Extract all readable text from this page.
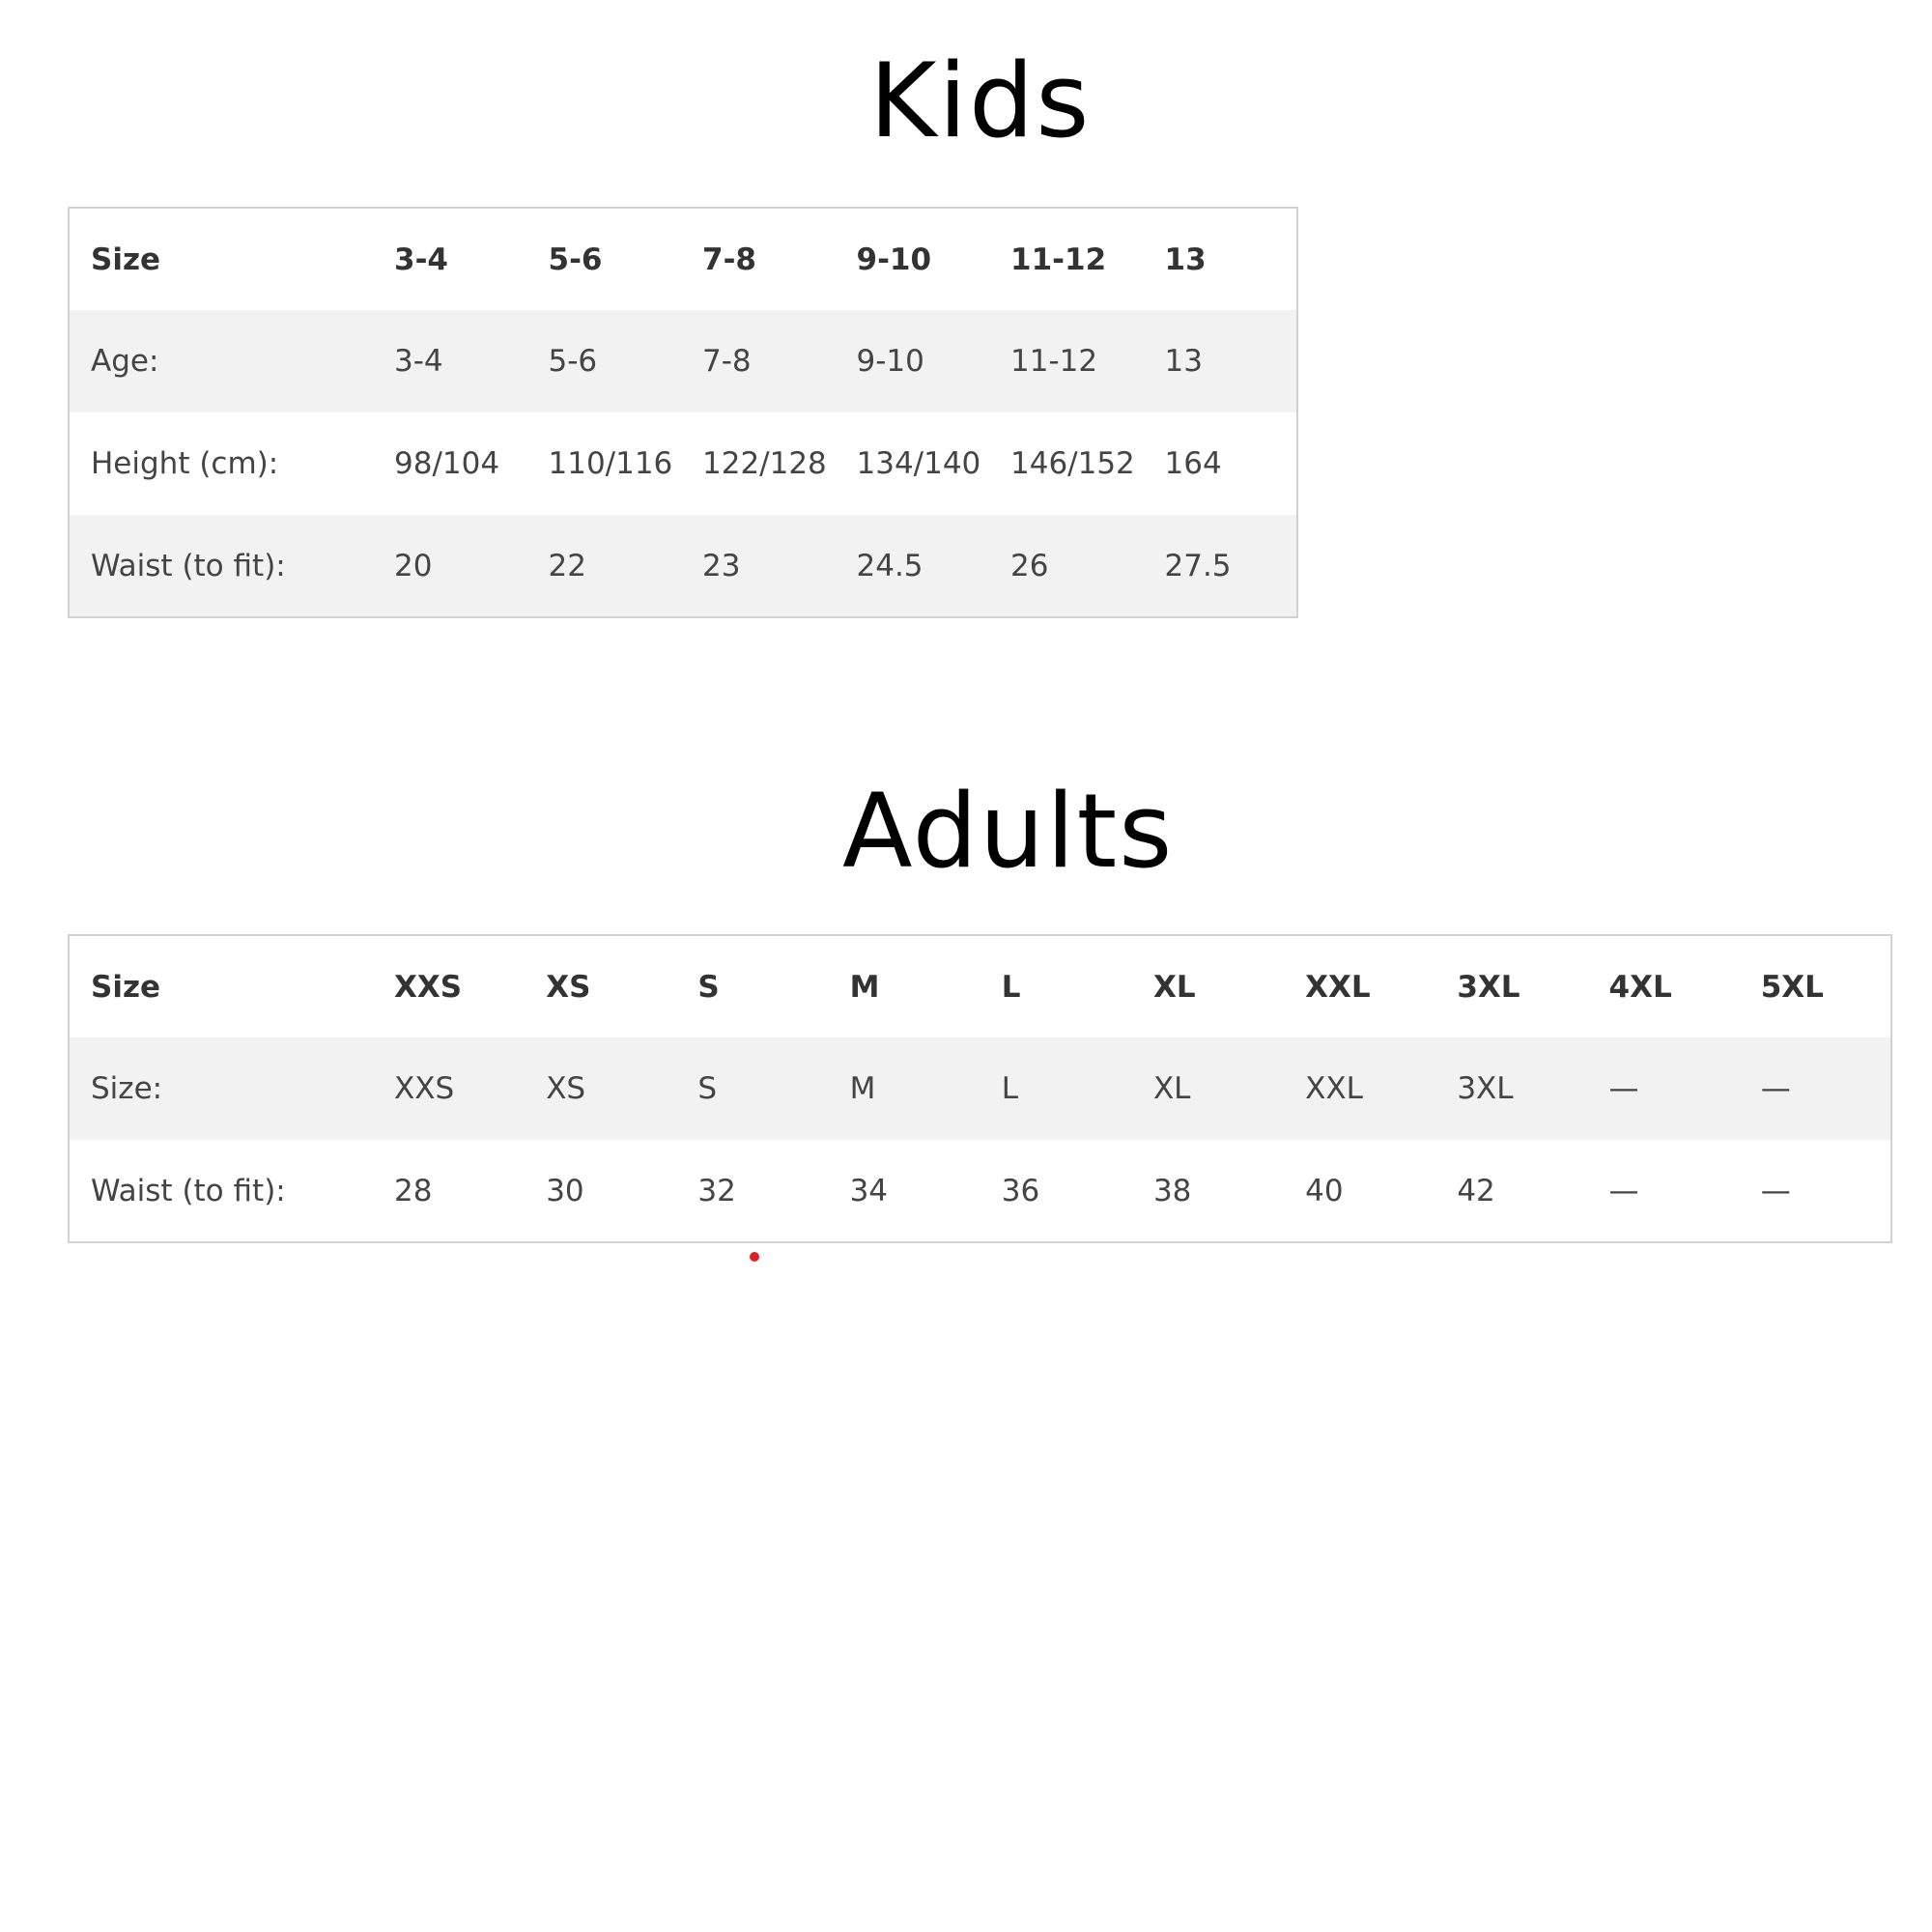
Kids
Size	3-4	5-6	7-8	9-10	11-12	13
Age:	3-4	5-6	7-8	9-10	11-12	13
Height (cm):	98/104	110/116	122/128	134/140	146/152	164
Waist (to fit):	20	22	23	24.5	26	27.5
Adults
Size	XXS	XS	S	M	L	XL	XXL	3XL	4XL	5XL
Size:	XXS	XS	S	M	L	XL	XXL	3XL	—	—
Waist (to fit):	28	30	32	34	36	38	40	42	—	—
